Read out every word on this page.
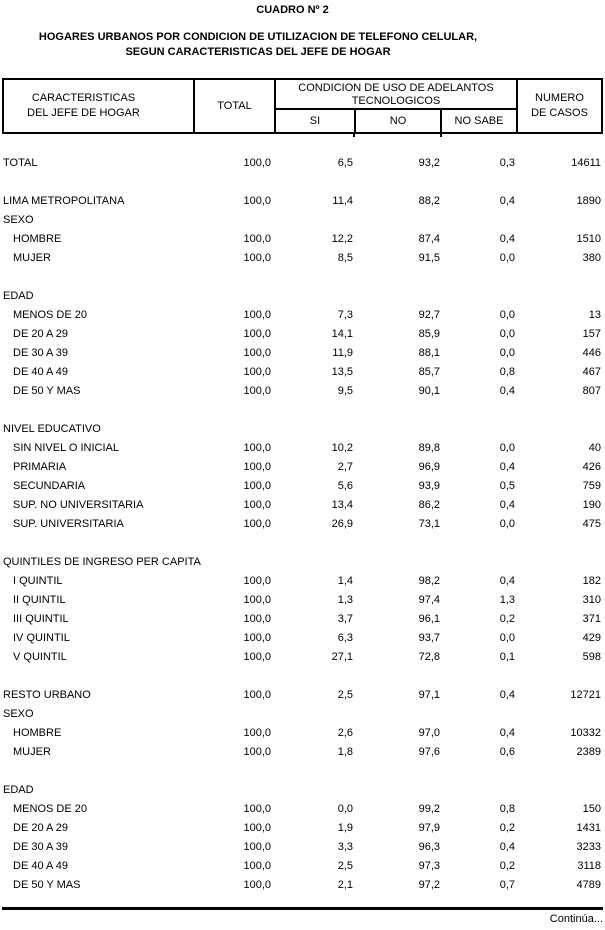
CUADRO Nº 2
HOGARES URBANOS POR CONDICION DE UTILIZACION DE TELEFONO CELULAR,
SEGUN CARACTERISTICAS DEL JEFE DE HOGAR
CARACTERISTICAS
DEL JEFE DE HOGAR
TOTAL
CONDICION DE USO DE ADELANTOS
TECNOLOGICOS
SI	NO	NO SABE
NUMERO
DE CASOS
TOTAL	100,0	6,5	93,2	0,3	14611
LIMA METROPOLITANA	100,0	11,4	88,2	0,4	1890
SEXO
HOMBRE	100,0	12,2	87,4	0,4	1510
MUJER	100,0	8,5	91,5	0,0	380
EDAD
MENOS DE 20	100,0	7,3	92,7	0,0	13
DE 20 A 29	100,0	14,1	85,9	0,0	157
DE 30 A 39	100,0	11,9	88,1	0,0	446
DE 40 A 49	100,0	13,5	85,7	0,8	467
DE 50 Y MAS	100,0	9,5	90,1	0,4	807
NIVEL EDUCATIVO
SIN NIVEL O INICIAL	100,0	10,2	89,8	0,0	40
PRIMARIA	100,0	2,7	96,9	0,4	426
SECUNDARIA	100,0	5,6	93,9	0,5	759
SUP. NO UNIVERSITARIA	100,0	13,4	86,2	0,4	190
SUP. UNIVERSITARIA	100,0	26,9	73,1	0,0	475
QUINTILES DE INGRESO PER CAPITA
I QUINTIL	100,0	1,4	98,2	0,4	182
II QUINTIL	100,0	1,3	97,4	1,3	310
III QUINTIL	100,0	3,7	96,1	0,2	371
IV QUINTIL	100,0	6,3	93,7	0,0	429
V QUINTIL	100,0	27,1	72,8	0,1	598
RESTO URBANO	100,0	2,5	97,1	0,4	12721
SEXO
HOMBRE	100,0	2,6	97,0	0,4	10332
MUJER	100,0	1,8	97,6	0,6	2389
EDAD
MENOS DE 20	100,0	0,0	99,2	0,8	150
DE 20 A 29	100,0	1,9	97,9	0,2	1431
DE 30 A 39	100,0	3,3	96,3	0,4	3233
DE 40 A 49	100,0	2,5	97,3	0,2	3118
DE 50 Y MAS	100,0	2,1	97,2	0,7	4789
Continúa...
